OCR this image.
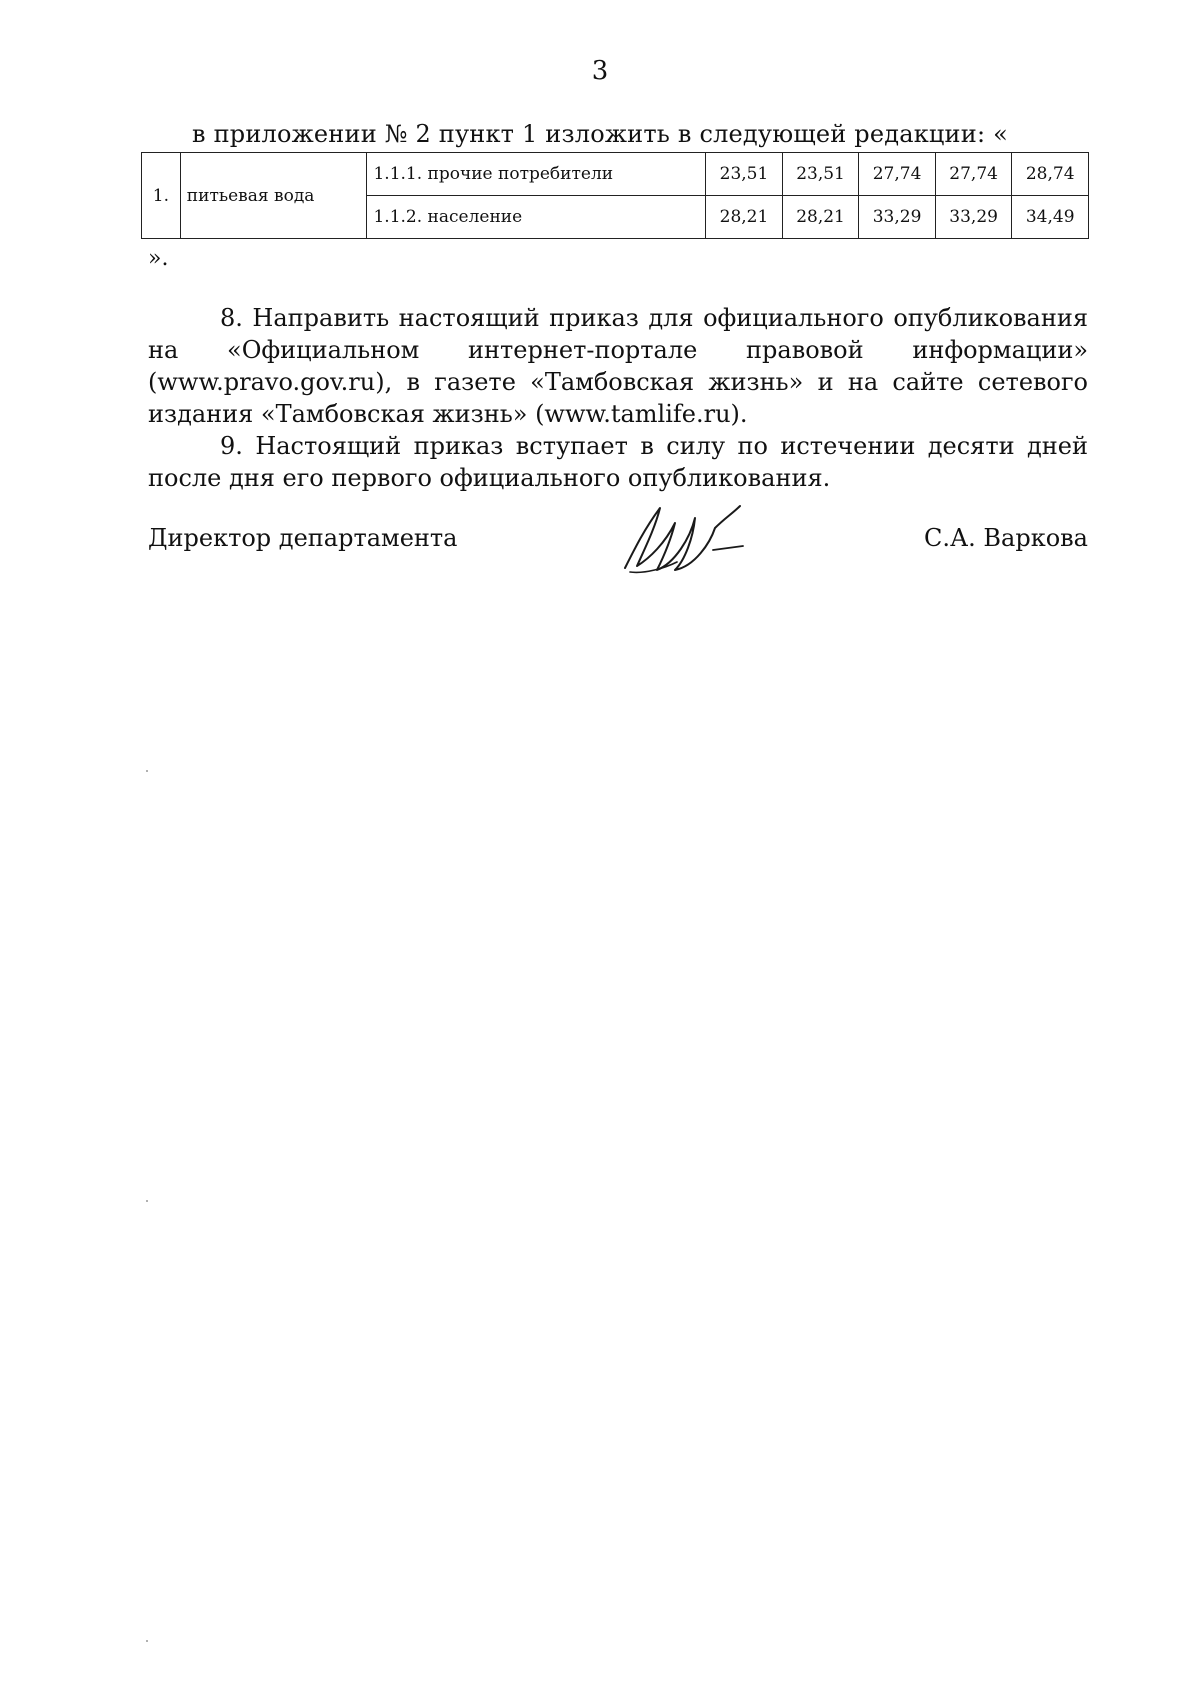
3
в приложении № 2 пункт 1 изложить в следующей редакции: «
1.	питьевая вода	1.1.1. прочие потребители	23,51	23,51	27,74	27,74	28,74
		1.1.2. население	28,21	28,21	33,29	33,29	34,49
».

8. Направить настоящий приказ для официального опубликования на «Официальном интернет-портале правовой информации» (www.pravo.gov.ru), в газете «Тамбовская жизнь» и на сайте сетевого издания «Тамбовская жизнь» (www.tamlife.ru).

9. Настоящий приказ вступает в силу по истечении десяти дней после дня его первого официального опубликования.

Директор департамента	С.А. Варкова
